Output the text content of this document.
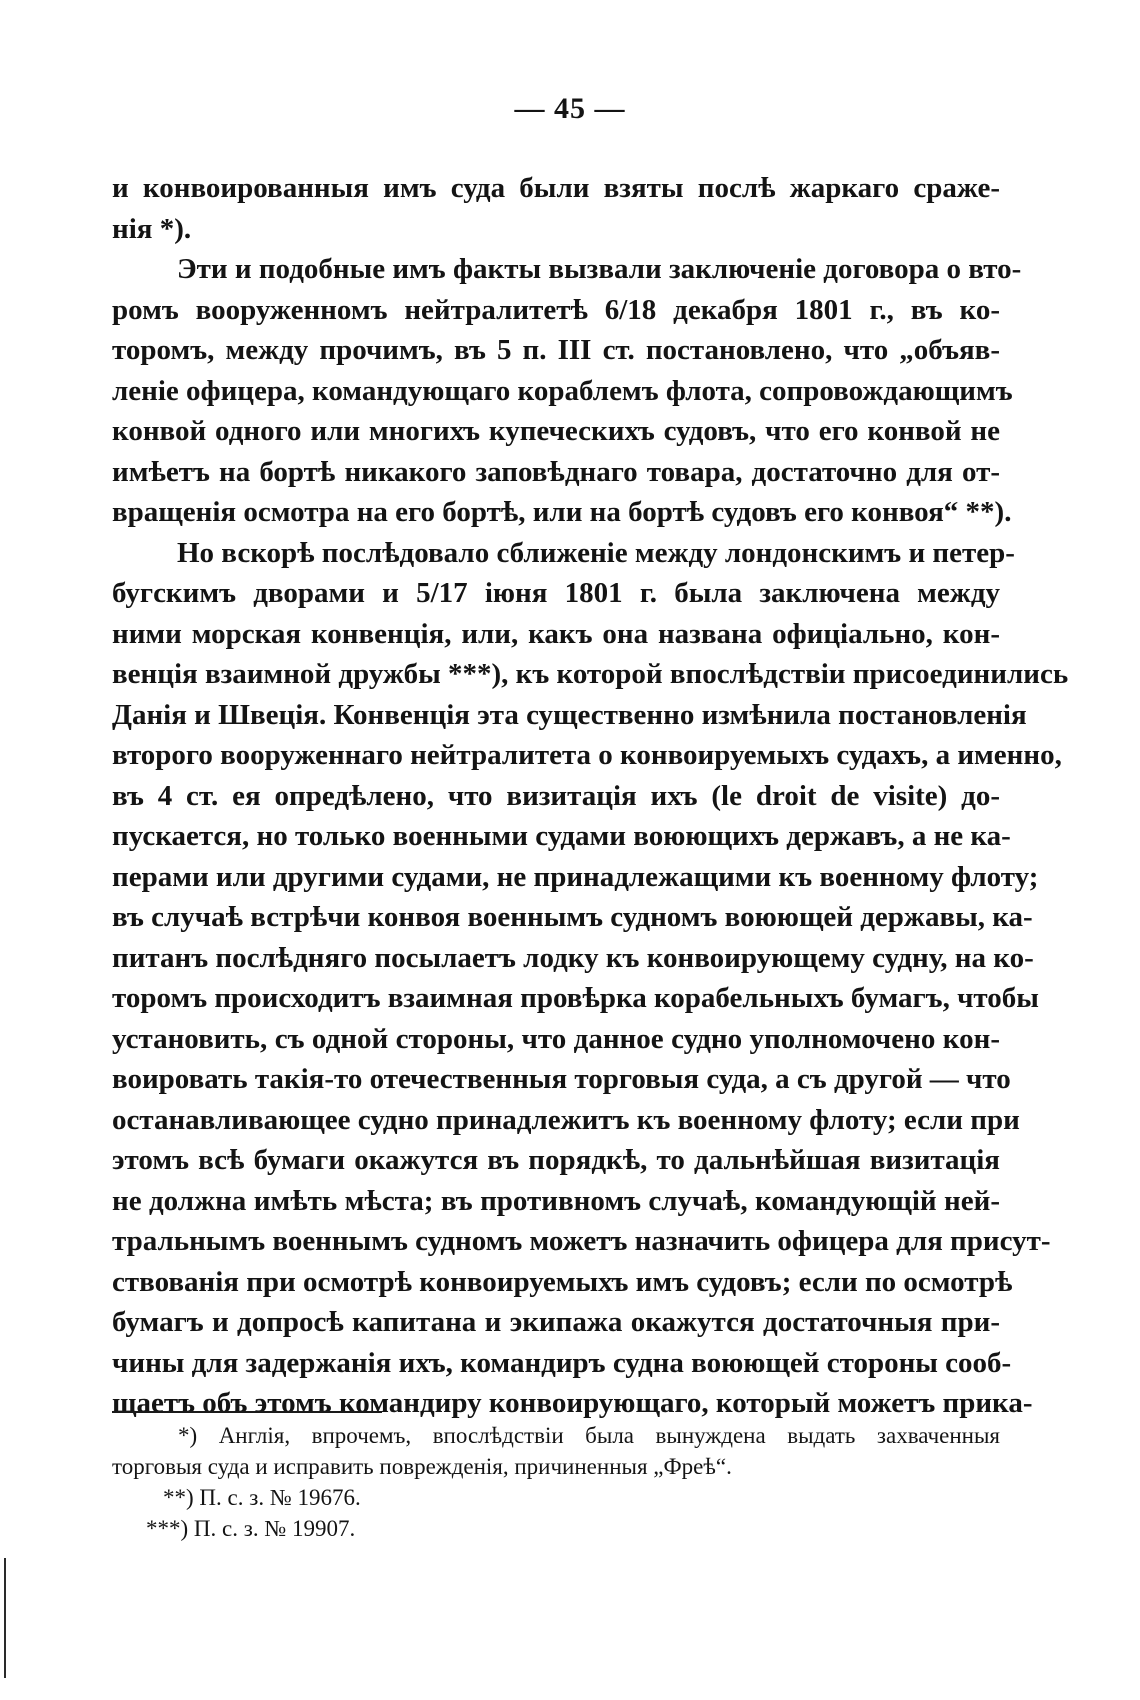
— 45 —
и конвоированныя имъ суда были взяты послѣ жаркаго сраже-
нія *).
Эти и подобные имъ факты вызвали заключеніе договора о вто-
ромъ вооруженномъ нейтралитетѣ 6/18 декабря 1801 г., въ ко-
торомъ, между прочимъ, въ 5 п. III ст. постановлено, что „объяв-
леніе офицера, командующаго кораблемъ флота, сопровождающимъ
конвой одного или многихъ купеческихъ судовъ, что его конвой не
имѣетъ на бортѣ никакого заповѣднаго товара, достаточно для от-
вращенія осмотра на его бортѣ, или на бортѣ судовъ его конвоя“ **).
Но вскорѣ послѣдовало сближеніе между лондонскимъ и петер-
бугскимъ дворами и 5/17 іюня 1801 г. была заключена между
ними морская конвенція, или, какъ она названа офиціально, кон-
венція взаимной дружбы ***), къ которой впослѣдствіи присоединились
Данія и Швеція. Конвенція эта существенно измѣнила постановленія
второго вооруженнаго нейтралитета о конвоируемыхъ судахъ, а именно,
въ 4 ст. ея опредѣлено, что визитація ихъ (le droit de visite) до-
пускается, но только военными судами воюющихъ державъ, а не ка-
перами или другими судами, не принадлежащими къ военному флоту;
въ случаѣ встрѣчи конвоя военнымъ судномъ воюющей державы, ка-
питанъ послѣдняго посылаетъ лодку къ конвоирующему судну, на ко-
торомъ происходитъ взаимная провѣрка корабельныхъ бумагъ, чтобы
установить, съ одной стороны, что данное судно уполномочено кон-
воировать такія-то отечественныя торговыя суда, а съ другой — что
останавливающее судно принадлежитъ къ военному флоту; если при
этомъ всѣ бумаги окажутся въ порядкѣ, то дальнѣйшая визитація
не должна имѣть мѣста; въ противномъ случаѣ, командующій ней-
тральнымъ военнымъ судномъ можетъ назначить офицера для присут-
ствованія при осмотрѣ конвоируемыхъ имъ судовъ; если по осмотрѣ
бумагъ и допросѣ капитана и экипажа окажутся достаточныя при-
чины для задержанія ихъ, командиръ судна воюющей стороны сооб-
щаетъ объ этомъ командиру конвоирующаго, который можетъ прика-
*) Англія, впрочемъ, впослѣдствіи была вынуждена выдать захваченныя
торговыя суда и исправить поврежденія, причиненныя „Фреѣ“.
**) П. с. з. № 19676.
***) П. с. з. № 19907.
